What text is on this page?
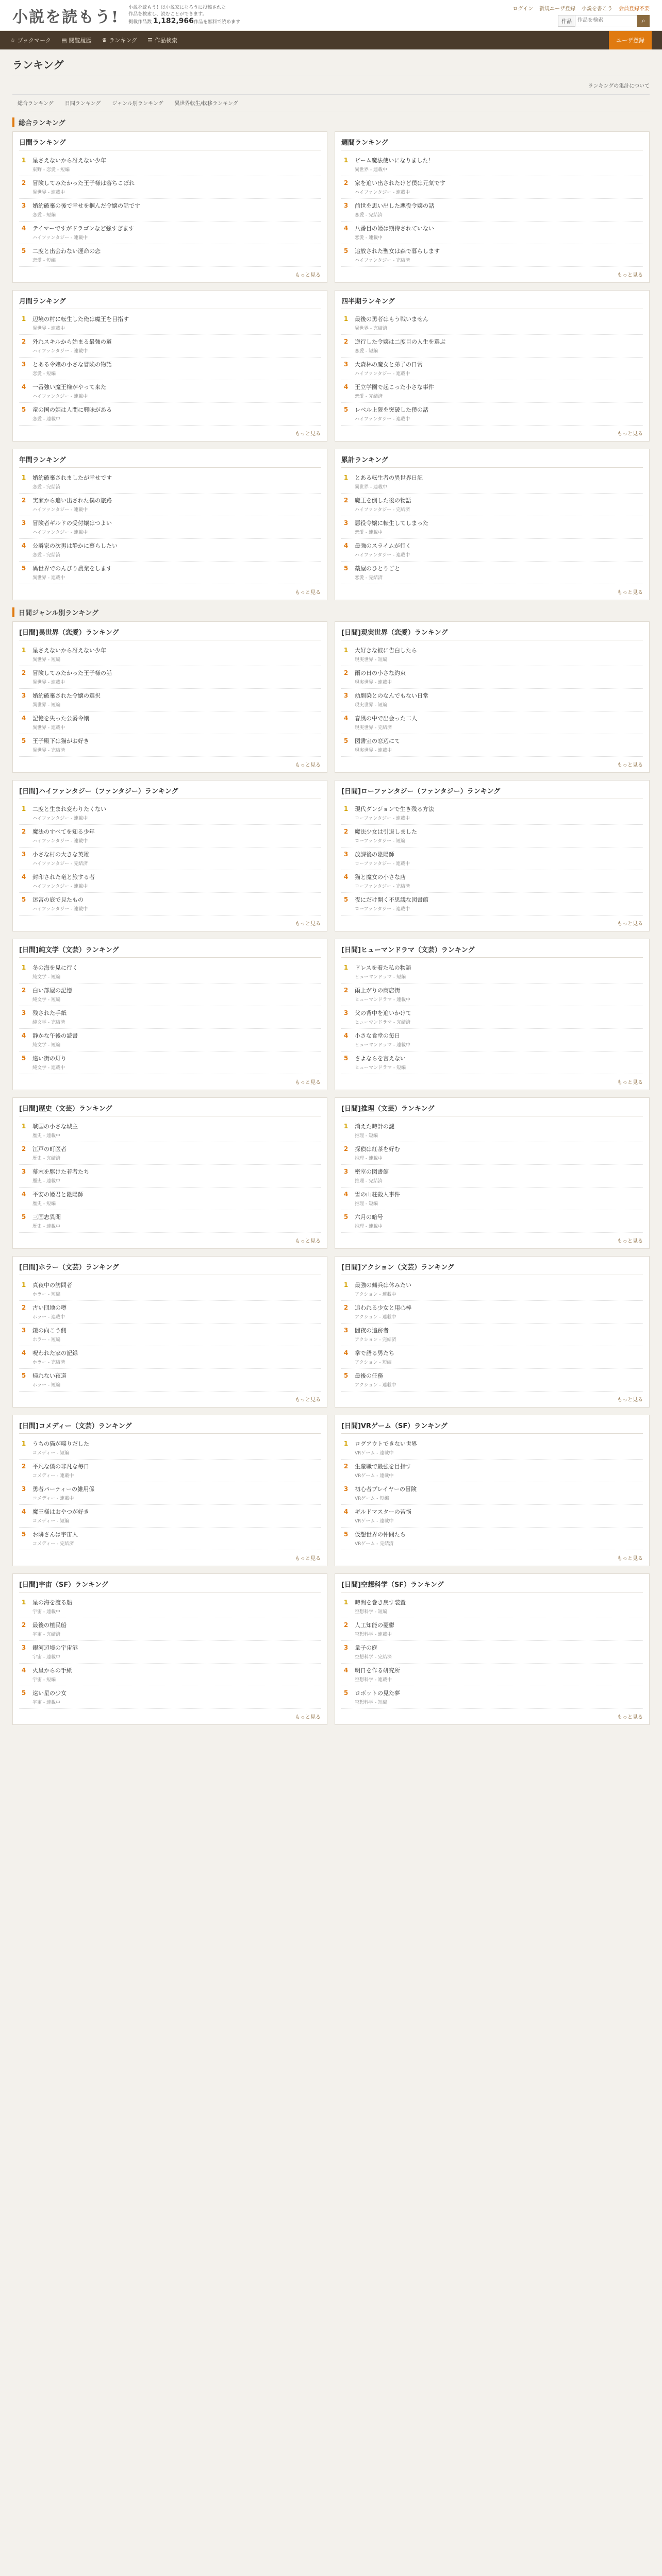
小説を読もう!
小説を読もう！は小説家になろうに投稿された
作品を検索し、読むことができます。
掲載作品数 1,182,966作品を無料で読めます
ログイン 新規ユーザ登録 小説を書こう 会員登録不要
作品
作品を検索	⌕
☆ ブックマーク ▤ 閲覧履歴 ♛ ランキング ☰ 作品検索	ユーザ登録
ランキング
ランキングの集計について
総合ランキング 日間ランキング ジャンル別ランキング 異世界転生/転移ランキング
総合ランキング
日間ランキング
1	星さえないから冴えない少年
東野 - 恋愛 - 短編
2	冒険してみたかった王子様は落ちこぼれ
異世界 - 連載中
3	婚約破棄の後で幸せを掴んだ令嬢の話です
恋愛 - 短編
4	テイマーですがドラゴンなど強すぎます
ハイファンタジー - 連載中
5	二度と出会わない運命の恋
恋愛 - 短編
もっと見る
週間ランキング
1	ビーム魔法使いになりました！
異世界 - 連載中
2	家を追い出されたけど僕は元気です
ハイファンタジー - 連載中
3	前世を思い出した悪役令嬢の話
恋愛 - 完結済
4	八番目の姫は期待されていない
恋愛 - 連載中
5	追放された聖女は森で暮らします
ハイファンタジー - 完結済
もっと見る
月間ランキング
1	辺境の村に転生した俺は魔王を目指す
異世界 - 連載中
2	外れスキルから始まる最強の道
ハイファンタジー - 連載中
3	とある令嬢の小さな冒険の物語
恋愛 - 短編
4	一番強い魔王様がやって来た
ハイファンタジー - 連載中
5	竜の国の姫は人間に興味がある
恋愛 - 連載中
もっと見る
四半期ランキング
1	最後の勇者はもう戦いません
異世界 - 完結済
2	逆行した令嬢は二度目の人生を選ぶ
恋愛 - 短編
3	大森林の魔女と弟子の日常
ハイファンタジー - 連載中
4	王立学園で起こった小さな事件
恋愛 - 完結済
5	レベル上限を突破した僕の話
ハイファンタジー - 連載中
もっと見る
年間ランキング
1	婚約破棄されましたが幸せです
恋愛 - 完結済
2	実家から追い出された僕の旅路
ハイファンタジー - 連載中
3	冒険者ギルドの受付嬢はつよい
ハイファンタジー - 連載中
4	公爵家の次男は静かに暮らしたい
恋愛 - 完結済
5	異世界でのんびり農業をします
異世界 - 連載中
もっと見る
累計ランキング
1	とある転生者の異世界日記
異世界 - 連載中
2	魔王を倒した後の物語
ハイファンタジー - 完結済
3	悪役令嬢に転生してしまった
恋愛 - 連載中
4	最強のスライムが行く
ハイファンタジー - 連載中
5	薬屋のひとりごと
恋愛 - 完結済
もっと見る
日間ジャンル別ランキング
[日間]異世界（恋愛）ランキング
1	星さえないから冴えない少年
異世界 - 短編
2	冒険してみたかった王子様の話
異世界 - 連載中
3	婚約破棄された令嬢の選択
異世界 - 短編
4	記憶を失った公爵令嬢
異世界 - 連載中
5	王子殿下は猫がお好き
異世界 - 完結済
もっと見る
[日間]現実世界（恋愛）ランキング
1	大好きな彼に告白したら
現実世界 - 短編
2	雨の日の小さな約束
現実世界 - 連載中
3	幼馴染とのなんでもない日常
現実世界 - 短編
4	春風の中で出会った二人
現実世界 - 完結済
5	図書室の窓辺にて
現実世界 - 連載中
もっと見る
[日間]ハイファンタジー（ファンタジー）ランキング
1	二度と生まれ変わりたくない
ハイファンタジー - 連載中
2	魔法のすべてを知る少年
ハイファンタジー - 連載中
3	小さな村の大きな英雄
ハイファンタジー - 完結済
4	封印された竜と旅する者
ハイファンタジー - 連載中
5	迷宮の底で見たもの
ハイファンタジー - 連載中
もっと見る
[日間]ローファンタジー（ファンタジー）ランキング
1	現代ダンジョンで生き残る方法
ローファンタジー - 連載中
2	魔法少女は引退しました
ローファンタジー - 短編
3	放課後の陰陽師
ローファンタジー - 連載中
4	猫と魔女の小さな店
ローファンタジー - 完結済
5	夜にだけ開く不思議な図書館
ローファンタジー - 連載中
もっと見る
[日間]純文学（文芸）ランキング
1	冬の海を見に行く
純文学 - 短編
2	白い部屋の記憶
純文学 - 短編
3	残された手紙
純文学 - 完結済
4	静かな午後の読書
純文学 - 短編
5	遠い街の灯り
純文学 - 連載中
もっと見る
[日間]ヒューマンドラマ（文芸）ランキング
1	ドレスを着た私の物語
ヒューマンドラマ - 短編
2	雨上がりの商店街
ヒューマンドラマ - 連載中
3	父の背中を追いかけて
ヒューマンドラマ - 完結済
4	小さな食堂の毎日
ヒューマンドラマ - 連載中
5	さよならを言えない
ヒューマンドラマ - 短編
もっと見る
[日間]歴史（文芸）ランキング
1	戦国の小さな城主
歴史 - 連載中
2	江戸の町医者
歴史 - 完結済
3	幕末を駆けた若者たち
歴史 - 連載中
4	平安の姫君と陰陽師
歴史 - 短編
5	三国志異聞
歴史 - 連載中
もっと見る
[日間]推理（文芸）ランキング
1	消えた時計の謎
推理 - 短編
2	探偵は紅茶を好む
推理 - 連載中
3	密室の図書館
推理 - 完結済
4	雪の山荘殺人事件
推理 - 短編
5	六月の暗号
推理 - 連載中
もっと見る
[日間]ホラー（文芸）ランキング
1	真夜中の訪問者
ホラー - 短編
2	古い団地の噂
ホラー - 連載中
3	鏡の向こう側
ホラー - 短編
4	呪われた家の記録
ホラー - 完結済
5	帰れない夜道
ホラー - 短編
もっと見る
[日間]アクション（文芸）ランキング
1	最強の傭兵は休みたい
アクション - 連載中
2	追われる少女と用心棒
アクション - 連載中
3	闇夜の追跡者
アクション - 完結済
4	拳で語る男たち
アクション - 短編
5	最後の任務
アクション - 連載中
もっと見る
[日間]コメディー（文芸）ランキング
1	うちの猫が喋りだした
コメディー - 短編
2	平凡な僕の非凡な毎日
コメディー - 連載中
3	勇者パーティーの雑用係
コメディー - 連載中
4	魔王様はおやつが好き
コメディー - 短編
5	お隣さんは宇宙人
コメディー - 完結済
もっと見る
[日間]VRゲーム（SF）ランキング
1	ログアウトできない世界
VRゲーム - 連載中
2	生産職で最強を目指す
VRゲーム - 連載中
3	初心者プレイヤーの冒険
VRゲーム - 短編
4	ギルドマスターの苦悩
VRゲーム - 連載中
5	仮想世界の仲間たち
VRゲーム - 完結済
もっと見る
[日間]宇宙（SF）ランキング
1	星の海を渡る船
宇宙 - 連載中
2	最後の植民船
宇宙 - 完結済
3	銀河辺境の宇宙港
宇宙 - 連載中
4	火星からの手紙
宇宙 - 短編
5	遠い星の少女
宇宙 - 連載中
もっと見る
[日間]空想科学（SF）ランキング
1	時間を巻き戻す装置
空想科学 - 短編
2	人工知能の憂鬱
空想科学 - 連載中
3	量子の庭
空想科学 - 完結済
4	明日を作る研究所
空想科学 - 連載中
5	ロボットの見た夢
空想科学 - 短編
もっと見る
